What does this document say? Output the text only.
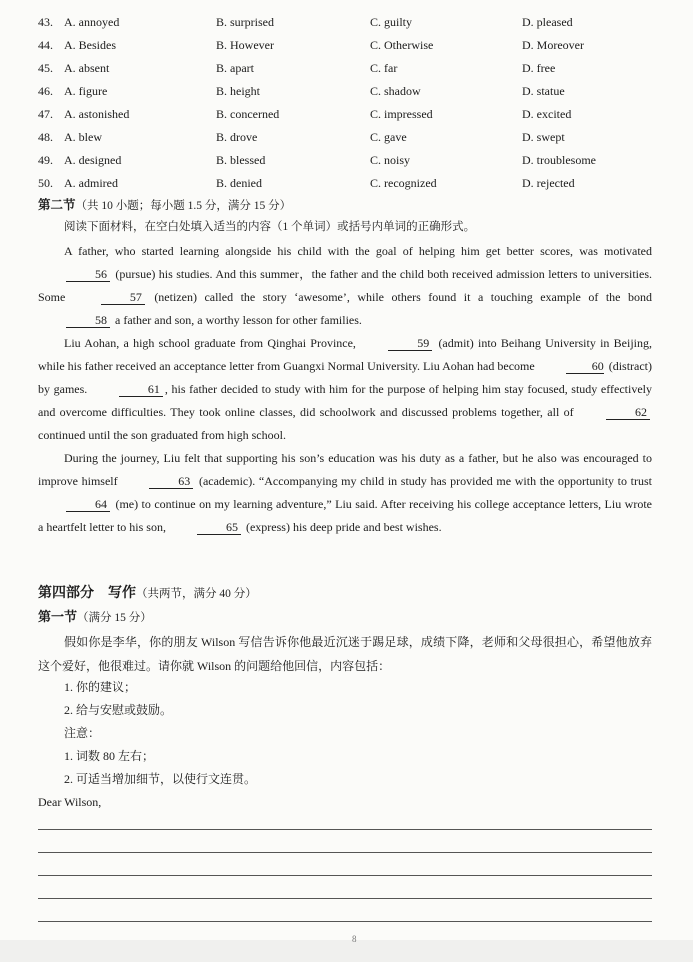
43. A. annoyed	B. surprised	C. guilty	D. pleased
44. A. Besides	B. However	C. Otherwise	D. Moreover
45. A. absent	B. apart	C. far	D. free
46. A. figure	B. height	C. shadow	D. statue
47. A. astonished	B. concerned	C. impressed	D. excited
48. A. blew	B. drove	C. gave	D. swept
49. A. designed	B. blessed	C. noisy	D. troublesome
50. A. admired	B. denied	C. recognized	D. rejected
第二节（共 10 小题；每小题 1.5 分，满分 15 分）
阅读下面材料，在空白处填入适当的内容（1 个单词）或括号内单词的正确形式。
A father, who started learning alongside his child with the goal of helping him get better scores, was motivated 56 (pursue) his studies. And this summer，the father and the child both received admission letters to universities. Some	57 (netizen) called the story ‘awesome’, while others found it a touching example of the bond 58 a father and son, a worthy lesson for other families.
Liu Aohan, a high school graduate from Qinghai Province,	59 (admit) into Beihang University in Beijing, while his father received an acceptance letter from Guangxi Normal University. Liu Aohan had become	60 (distract) by games.	61 , his father decided to study with him for the purpose of helping him stay focused, study effectively and overcome difficulties. They took online classes, did schoolwork and discussed problems together, all of	62 continued until the son graduated from high school.
During the journey, Liu felt that supporting his son’s education was his duty as a father, but he also was encouraged to improve himself	63 (academic). “Accompanying my child in study has provided me with the opportunity to trust 64 (me) to continue on my learning adventure,” Liu said. After receiving his college acceptance letters, Liu wrote a heartfelt letter to his son,	65 (express) his deep pride and best wishes.
第四部分　写作（共两节，满分 40 分）
第一节（满分 15 分）
假如你是李华，你的朋友 Wilson 写信告诉你他最近沉迷于踢足球，成绩下降，老师和父母很担心，希望他放弃这个爱好，他很难过。请你就 Wilson 的问题给他回信，内容包括：
1. 你的建议；
2. 给与安慰或鼓励。
注意：
1. 词数 80 左右；
2. 可适当增加细节，以使行文连贯。
Dear Wilson,
8
